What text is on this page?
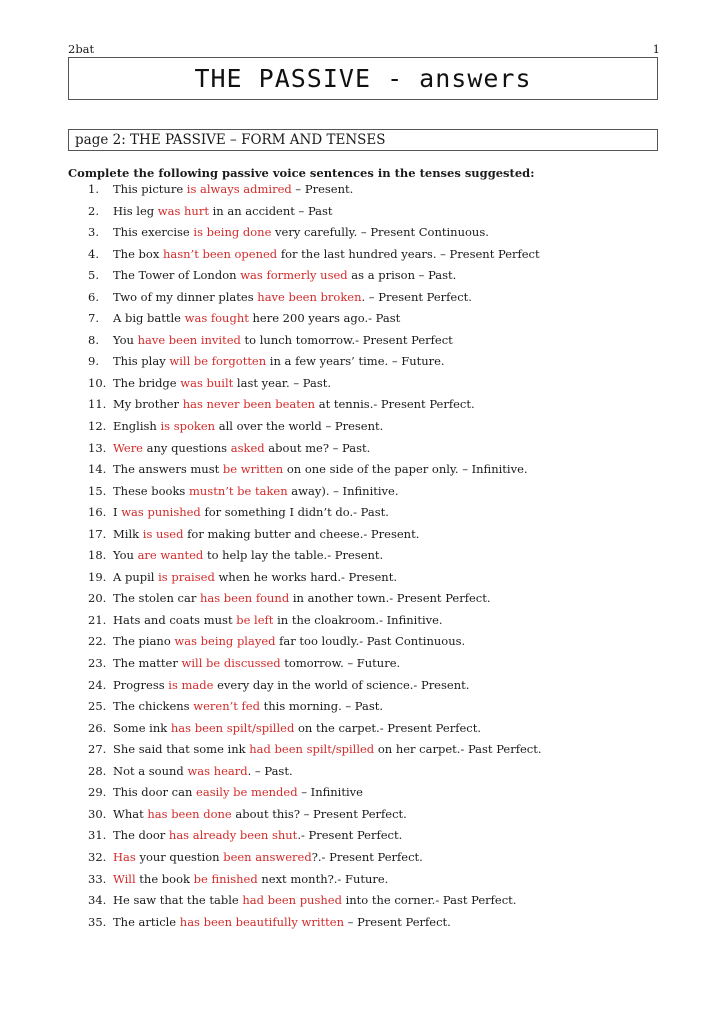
2bat	1
THE PASSIVE - answers
page 2: THE PASSIVE – FORM AND TENSES
Complete the following passive voice sentences in the tenses suggested:
1.	This picture is always admired – Present.
2.	His leg was hurt in an accident – Past
3.	This exercise is being done very carefully. – Present Continuous.
4.	The box hasn’t been opened for the last hundred years. – Present Perfect
5.	The Tower of London was formerly used as a prison – Past.
6.	Two of my dinner plates have been broken. – Present Perfect.
7.	A big battle was fought here 200 years ago.- Past
8.	You have been invited to lunch tomorrow.- Present Perfect
9.	This play will be forgotten in a few years’ time. – Future.
10. The bridge was built last year. – Past.
11. My brother has never been beaten at tennis.- Present Perfect.
12. English is spoken all over the world – Present.
13. Were any questions asked about me? – Past.
14. The answers must be written on one side of the paper only. – Infinitive.
15. These books mustn’t be taken away). – Infinitive.
16. I was punished for something I didn’t do.- Past.
17. Milk is used for making butter and cheese.- Present.
18. You are wanted to help lay the table.- Present.
19. A pupil is praised when he works hard.- Present.
20. The stolen car has been found in another town.- Present Perfect.
21. Hats and coats must be left in the cloakroom.- Infinitive.
22. The piano was being played far too loudly.- Past Continuous.
23. The matter will be discussed tomorrow. – Future.
24. Progress is made every day in the world of science.- Present.
25. The chickens weren’t fed this morning. – Past.
26. Some ink has been spilt/spilled on the carpet.- Present Perfect.
27. She said that some ink had been spilt/spilled on her carpet.- Past Perfect.
28. Not a sound was heard. – Past.
29. This door can easily be mended – Infinitive
30. What has been done about this? – Present Perfect.
31. The door has already been shut.- Present Perfect.
32. Has your question been answered?.- Present Perfect.
33. Will the book be finished next month?.- Future.
34. He saw that the table had been pushed into the corner.- Past Perfect.
35. The article has been beautifully written – Present Perfect.
